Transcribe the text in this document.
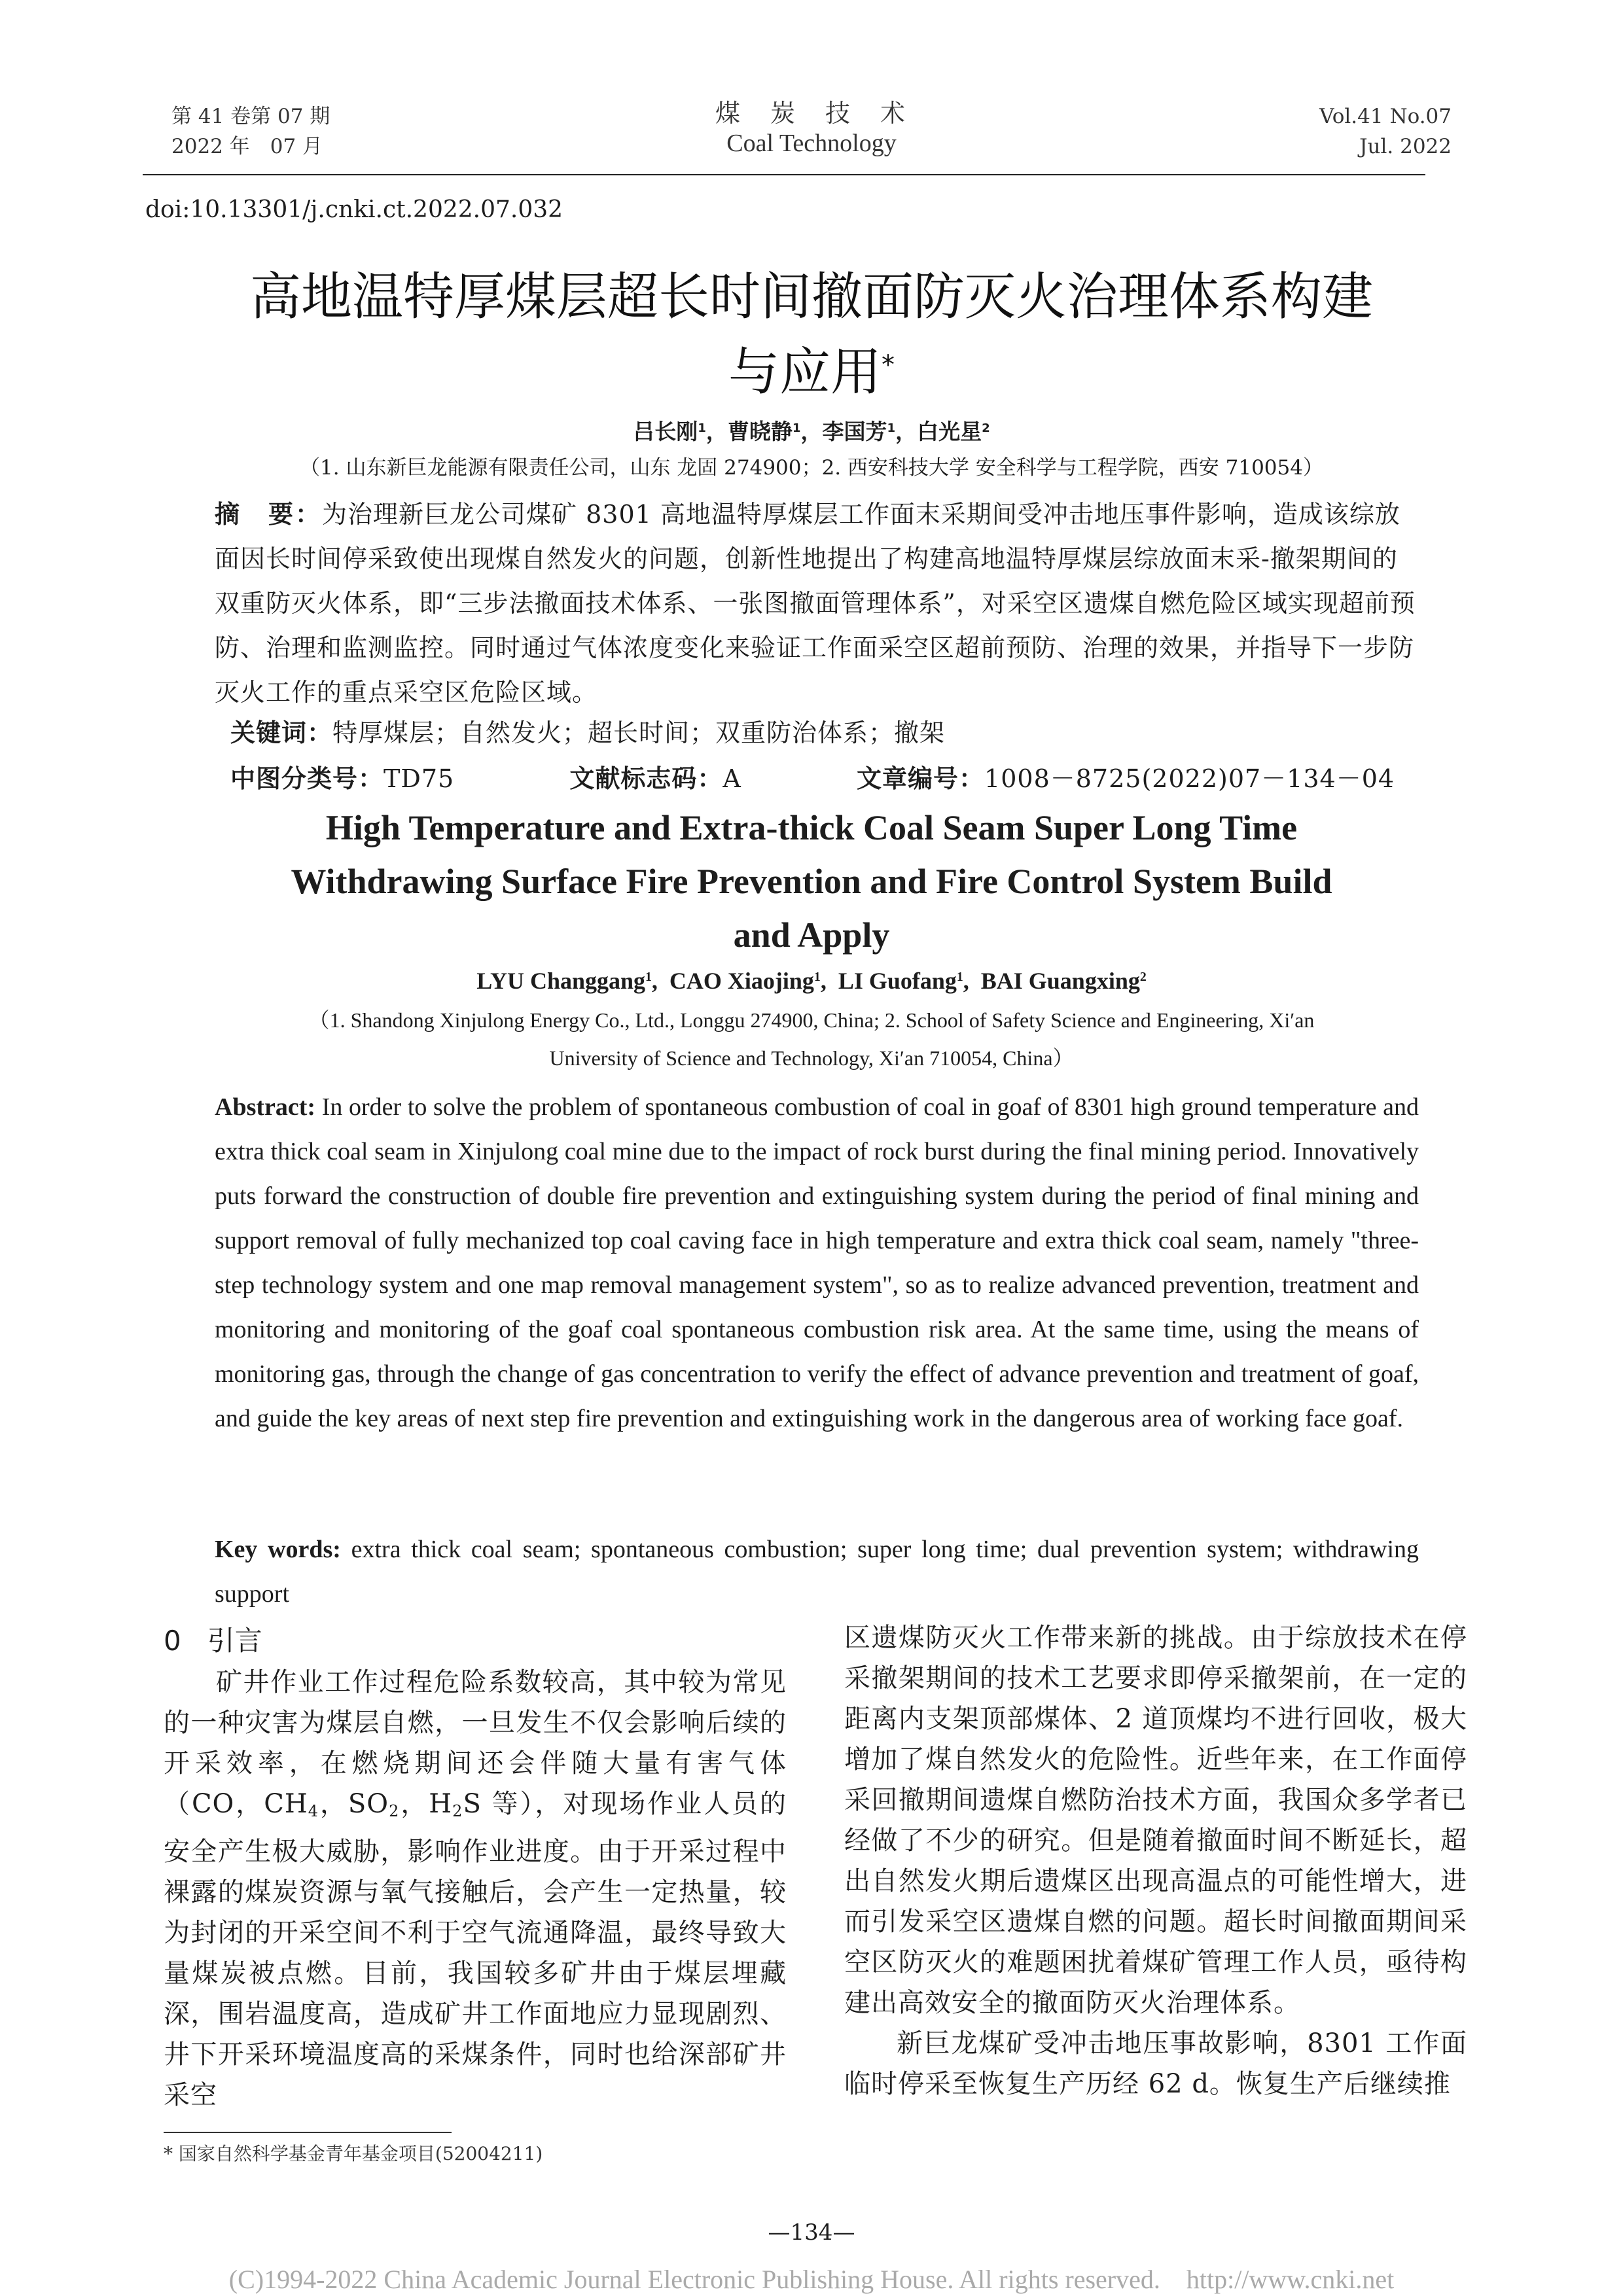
第 41 卷第 07 期
2022 年　07 月
煤　炭　技　术
Coal Technology
Vol.41 No.07
Jul. 2022
doi:10.13301/j.cnki.ct.2022.07.032
高地温特厚煤层超长时间撤面防灭火治理体系构建
与应用*
吕长刚$^1$，曹晓静$^1$，李国芳$^1$，白光星$^2$
（1. 山东新巨龙能源有限责任公司，山东 龙固 274900；2. 西安科技大学 安全科学与工程学院，西安 710054）
摘　要：为治理新巨龙公司煤矿 8301 高地温特厚煤层工作面末采期间受冲击地压事件影响，造成该综放面因长时间停采致使出现煤自然发火的问题，创新性地提出了构建高地温特厚煤层综放面末采-撤架期间的双重防灭火体系，即“三步法撤面技术体系、一张图撤面管理体系”，对采空区遗煤自燃危险区域实现超前预防、治理和监测监控。同时通过气体浓度变化来验证工作面采空区超前预防、治理的效果，并指导下一步防灭火工作的重点采空区危险区域。
关键词：特厚煤层；自然发火；超长时间；双重防治体系；撤架
中图分类号：TD75	文献标志码：A	文章编号：1008－8725(2022)07－134－04
High Temperature and Extra-thick Coal Seam Super Long Time
Withdrawing Surface Fire Prevention and Fire Control System Build
and Apply
LYU Changgang$^1$,  CAO Xiaojing$^1$,  LI Guofang$^1$,  BAI Guangxing$^2$
（1. Shandong Xinjulong Energy Co., Ltd., Longgu 274900, China; 2. School of Safety Science and Engineering, Xi′an
University of Science and Technology, Xi′an 710054, China）
Abstract: In order to solve the problem of spontaneous combustion of coal in goaf of 8301 high ground temperature and extra thick coal seam in Xinjulong coal mine due to the impact of rock burst during the final mining period. Innovatively puts forward the construction of double fire prevention and extinguishing system during the period of final mining and support removal of fully mechanized top coal caving face in high temperature and extra thick coal seam, namely "three-step technology system and one map removal management system", so as to realize advanced prevention, treatment and monitoring and monitoring of the goaf coal spontaneous combustion risk area. At the same time, using the means of monitoring gas, through the change of gas concentration to verify the effect of advance prevention and treatment of goaf, and guide the key areas of next step fire prevention and extinguishing work in the dangerous area of working face goaf.
Key words: extra thick coal seam; spontaneous combustion; super long time; dual prevention system; withdrawing support
0 引言

矿井作业工作过程危险系数较高，其中较为常见的一种灾害为煤层自燃，一旦发生不仅会影响后续的开采效率，在燃烧期间还会伴随大量有害气体（CO，$CH_4$，$SO_2$，$H_2S$ 等），对现场作业人员的安全产生极大威胁，影响作业进度。由于开采过程中裸露的煤炭资源与氧气接触后，会产生一定热量，较为封闭的开采空间不利于空气流通降温，最终导致大量煤炭被点燃。目前，我国较多矿井由于煤层埋藏深，围岩温度高，造成矿井工作面地应力显现剧烈、井下开采环境温度高的采煤条件，同时也给深部矿井采空

* 国家自然科学基金青年基金项目(52004211)

区遗煤防灭火工作带来新的挑战。由于综放技术在停采撤架期间的技术工艺要求即停采撤架前，在一定的距离内支架顶部煤体、2 道顶煤均不进行回收，极大增加了煤自然发火的危险性。近些年来，在工作面停采回撤期间遗煤自燃防治技术方面，我国众多学者已经做了不少的研究。但是随着撤面时间不断延长，超出自然发火期后遗煤区出现高温点的可能性增大，进而引发采空区遗煤自燃的问题。超长时间撤面期间采空区防灭火的难题困扰着煤矿管理工作人员，亟待构建出高效安全的撤面防灭火治理体系。

新巨龙煤矿受冲击地压事故影响，8301 工作面临时停采至恢复生产历经 62 d。恢复生产后继续推

—134—
(C)1994-2022 China Academic Journal Electronic Publishing House. All rights reserved.　http://www.cnki.net
